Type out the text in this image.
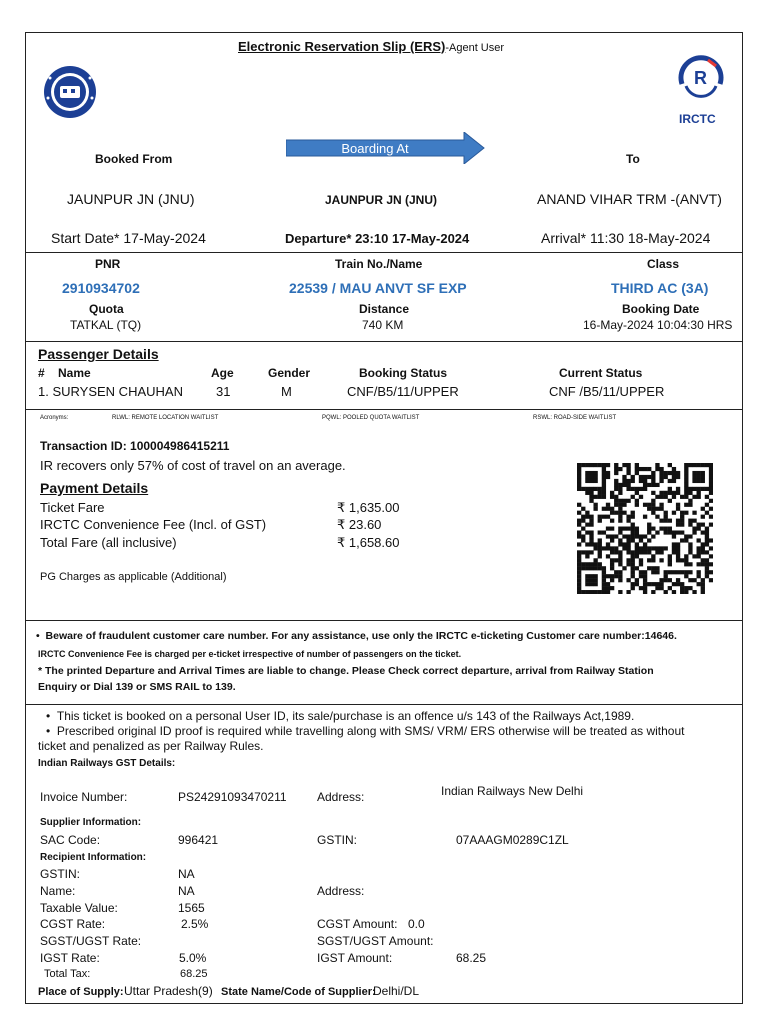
Electronic Reservation Slip (ERS)-Agent User
R
IRCTC
Boarding At
Booked From	To
JAUNPUR JN (JNU)	JAUNPUR JN (JNU)	ANAND VIHAR TRM -(ANVT)
Start Date* 17-May-2024	Departure* 23:10 17-May-2024	Arrival* 11:30 18-May-2024
PNR	Train No./Name	Class
2910934702	22539 / MAU ANVT SF EXP	THIRD AC (3A)
Quota	Distance	Booking Date
TATKAL (TQ)	740 KM	16-May-2024 10:04:30 HRS
Passenger Details
# Name	Age	Gender	Booking Status	Current Status
1. SURYSEN CHAUHAN	31	M	CNF/B5/11/UPPER	CNF /B5/11/UPPER
Acronyms:	RLWL: REMOTE LOCATION WAITLIST	PQWL: POOLED QUOTA WAITLIST	RSWL: ROAD-SIDE WAITLIST
Transaction ID: 100004986415211
IR recovers only 57% of cost of travel on an average.
Payment Details
Ticket Fare	₹ 1,635.00
IRCTC Convenience Fee (Incl. of GST)	₹ 23.60
Total Fare (all inclusive)	₹ 1,658.60
PG Charges as applicable (Additional)
•  Beware of fraudulent customer care number. For any assistance, use only the IRCTC e-ticketing Customer care number:14646.
IRCTC Convenience Fee is charged per e-ticket irrespective of number of passengers on the ticket.
* The printed Departure and Arrival Times are liable to change. Please Check correct departure, arrival from Railway Station
Enquiry or Dial 139 or SMS RAIL to 139.
•  This ticket is booked on a personal User ID, its sale/purchase is an offence u/s 143 of the Railways Act,1989.
•  Prescribed original ID proof is required while travelling along with SMS/ VRM/ ERS otherwise will be treated as without
ticket and penalized as per Railway Rules.
Indian Railways GST Details:
Invoice Number:	PS24291093470211	Address:	Indian Railways New Delhi
Supplier Information:
SAC Code:	996421	GSTIN:	07AAAGM0289C1ZL
Recipient Information:
GSTIN:	NA
Name:	NA	Address:
Taxable Value:	1565
CGST Rate:	2.5%	CGST Amount: 0.0
SGST/UGST Rate:	SGST/UGST Amount:
IGST Rate:	5.0%	IGST Amount:	68.25
Total Tax:	68.25
Place of Supply: Uttar Pradesh(9) State Name/Code of Supplier:
Delhi/DL
